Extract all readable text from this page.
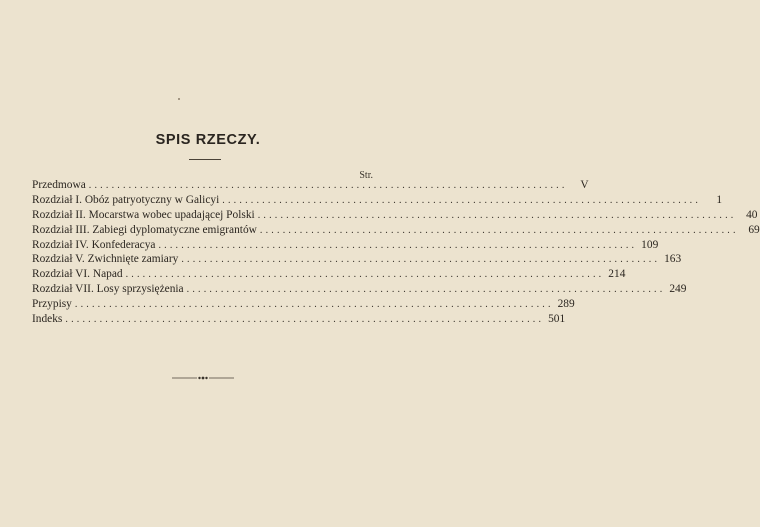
SPIS RZECZY.
Str.
Przedmowa ....................................................................................	V
Rozdział I. Obóz patryotyczny w Galicyi ....................................................................................	1
Rozdział II. Mocarstwa wobec upadającej Polski .................................................................................... 40
Rozdział III. Zabiegi dyplomatyczne emigrantów .................................................................................... 69
Rozdział IV. Konfederacya .................................................................................... 109
Rozdział V. Zwichnięte zamiary .................................................................................... 163
Rozdział VI. Napad .................................................................................... 214
Rozdział VII. Losy sprzysiężenia .................................................................................... 249
Przypisy .................................................................................... 289
Indeks .................................................................................... 501
